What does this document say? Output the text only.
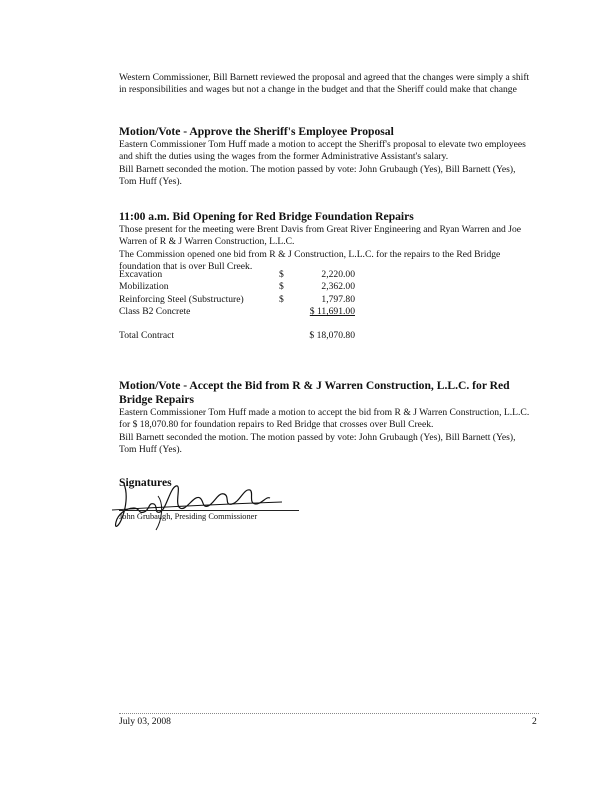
Western Commissioner, Bill Barnett reviewed the proposal and agreed that the changes were simply a shift
in responsibilities and wages but not a change in the budget and that the Sheriff could make that change

Motion/Vote - Approve the Sheriff's Employee Proposal

Eastern Commissioner Tom Huff made a motion to accept the Sheriff's proposal to elevate two employees
and shift the duties using the wages from the former Administrative Assistant's salary.
Bill Barnett seconded the motion. The motion passed by vote: John Grubaugh (Yes), Bill Barnett (Yes),
Tom Huff (Yes).

11:00 a.m. Bid Opening for Red Bridge Foundation Repairs

Those present for the meeting were Brent Davis from Great River Engineering and Ryan Warren and Joe
Warren of R & J Warren Construction, L.L.C.
The Commission opened one bid from R & J Construction, L.L.C. for the repairs to the Red Bridge
foundation that is over Bull Creek.

Excavation	$	2,220.00
Mobilization	$	2,362.00
Reinforcing Steel (Substructure)	$	1,797.80
Class B2 Concrete	$ 11,691.00
Total Contract	$ 18,070.80
Motion/Vote - Accept the Bid from R & J Warren Construction, L.L.C. for Red
Bridge Repairs

Eastern Commissioner Tom Huff made a motion to accept the bid from R & J Warren Construction, L.L.C.
for $ 18,070.80 for foundation repairs to Red Bridge that crosses over Bull Creek.
Bill Barnett seconded the motion. The motion passed by vote: John Grubaugh (Yes), Bill Barnett (Yes),
Tom Huff (Yes).

Signatures
John Grubaugh, Presiding Commissioner
July 03, 2008	2
